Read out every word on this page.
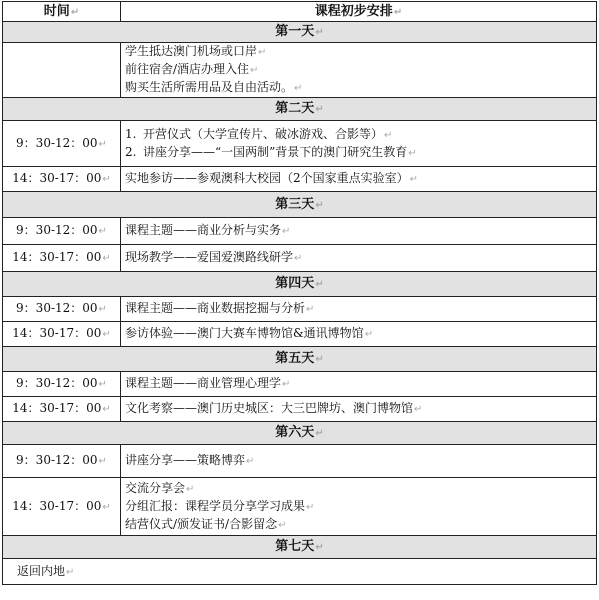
时间↵	课程初步安排↵
第一天↵	

	学生抵达澳门机场或口岸↵
前往宿舍/酒店办理入住↵
购买生活所需用品及自由活动。↵

第二天↵	
9：30-12：00↵	1. 开营仪式（大学宣传片、破冰游戏、合影等）↵
2. 讲座分享——“一国两制”背景下的澳门研究生教育↵

14：30-17：00↵	实地参访——参观澳科大校园（2个国家重点实验室）↵

第三天↵	
9：30-12：00↵	课程主题——商业分析与实务↵

14：30-17：00↵	现场教学——爱国爱澳路线研学↵

第四天↵	
9：30-12：00↵	课程主题——商业数据挖掘与分析↵

14：30-17：00↵	参访体验——澳门大赛车博物馆&通讯博物馆↵

第五天↵	
9：30-12：00↵	课程主题——商业管理心理学↵

14：30-17：00↵	文化考察——澳门历史城区：大三巴牌坊、澳门博物馆↵

第六天↵	
9：30-12：00↵	讲座分享——策略博弈↵

14：30-17：00↵	交流分享会↵
分组汇报：课程学员分享学习成果↵
结营仪式/颁发证书/合影留念↵

第七天↵	

返回内地↵	
